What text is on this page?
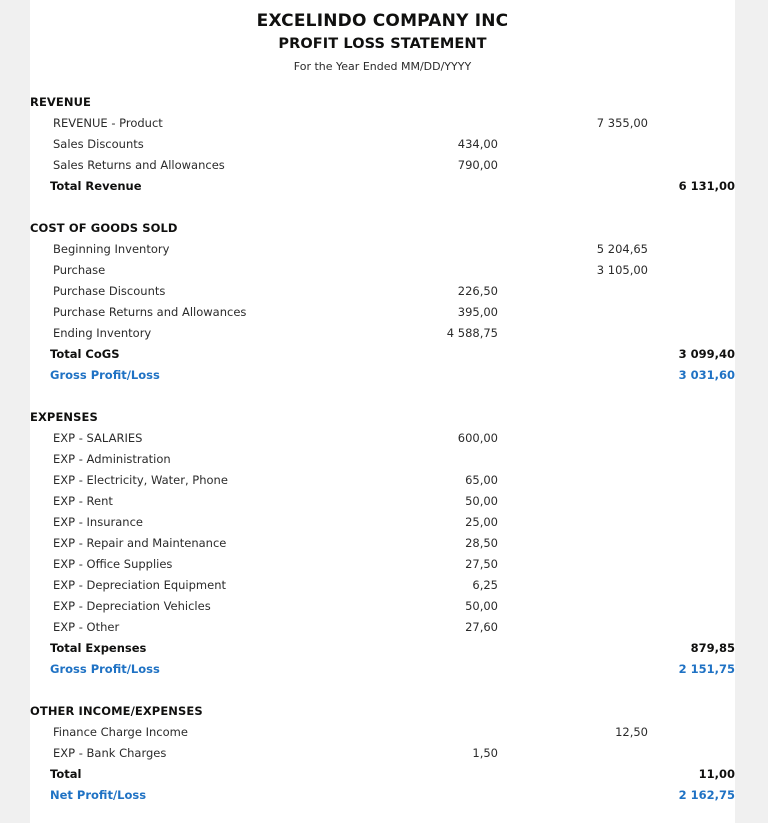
EXCELINDO COMPANY INC
PROFIT LOSS STATEMENT
For the Year Ended MM/DD/YYYY
REVENUE			
REVENUE - Product		7 355,00	
Sales Discounts	434,00		
Sales Returns and Allowances	790,00		
Total Revenue			6 131,00

COST OF GOODS SOLD			
Beginning Inventory		5 204,65	
Purchase		3 105,00	
Purchase Discounts	226,50		
Purchase Returns and Allowances	395,00		
Ending Inventory	4 588,75		
Total CoGS			3 099,40
Gross Profit/Loss			3 031,60

EXPENSES			
EXP - SALARIES	600,00		
EXP - Administration			
EXP - Electricity, Water, Phone	65,00		
EXP - Rent	50,00		
EXP - Insurance	25,00		
EXP - Repair and Maintenance	28,50		
EXP - Office Supplies	27,50		
EXP - Depreciation Equipment	6,25		
EXP - Depreciation Vehicles	50,00		
EXP - Other	27,60		
Total Expenses			879,85
Gross Profit/Loss			2 151,75

OTHER INCOME/EXPENSES			
Finance Charge Income		12,50	
EXP - Bank Charges	1,50		
Total			11,00
Net Profit/Loss			2 162,75
